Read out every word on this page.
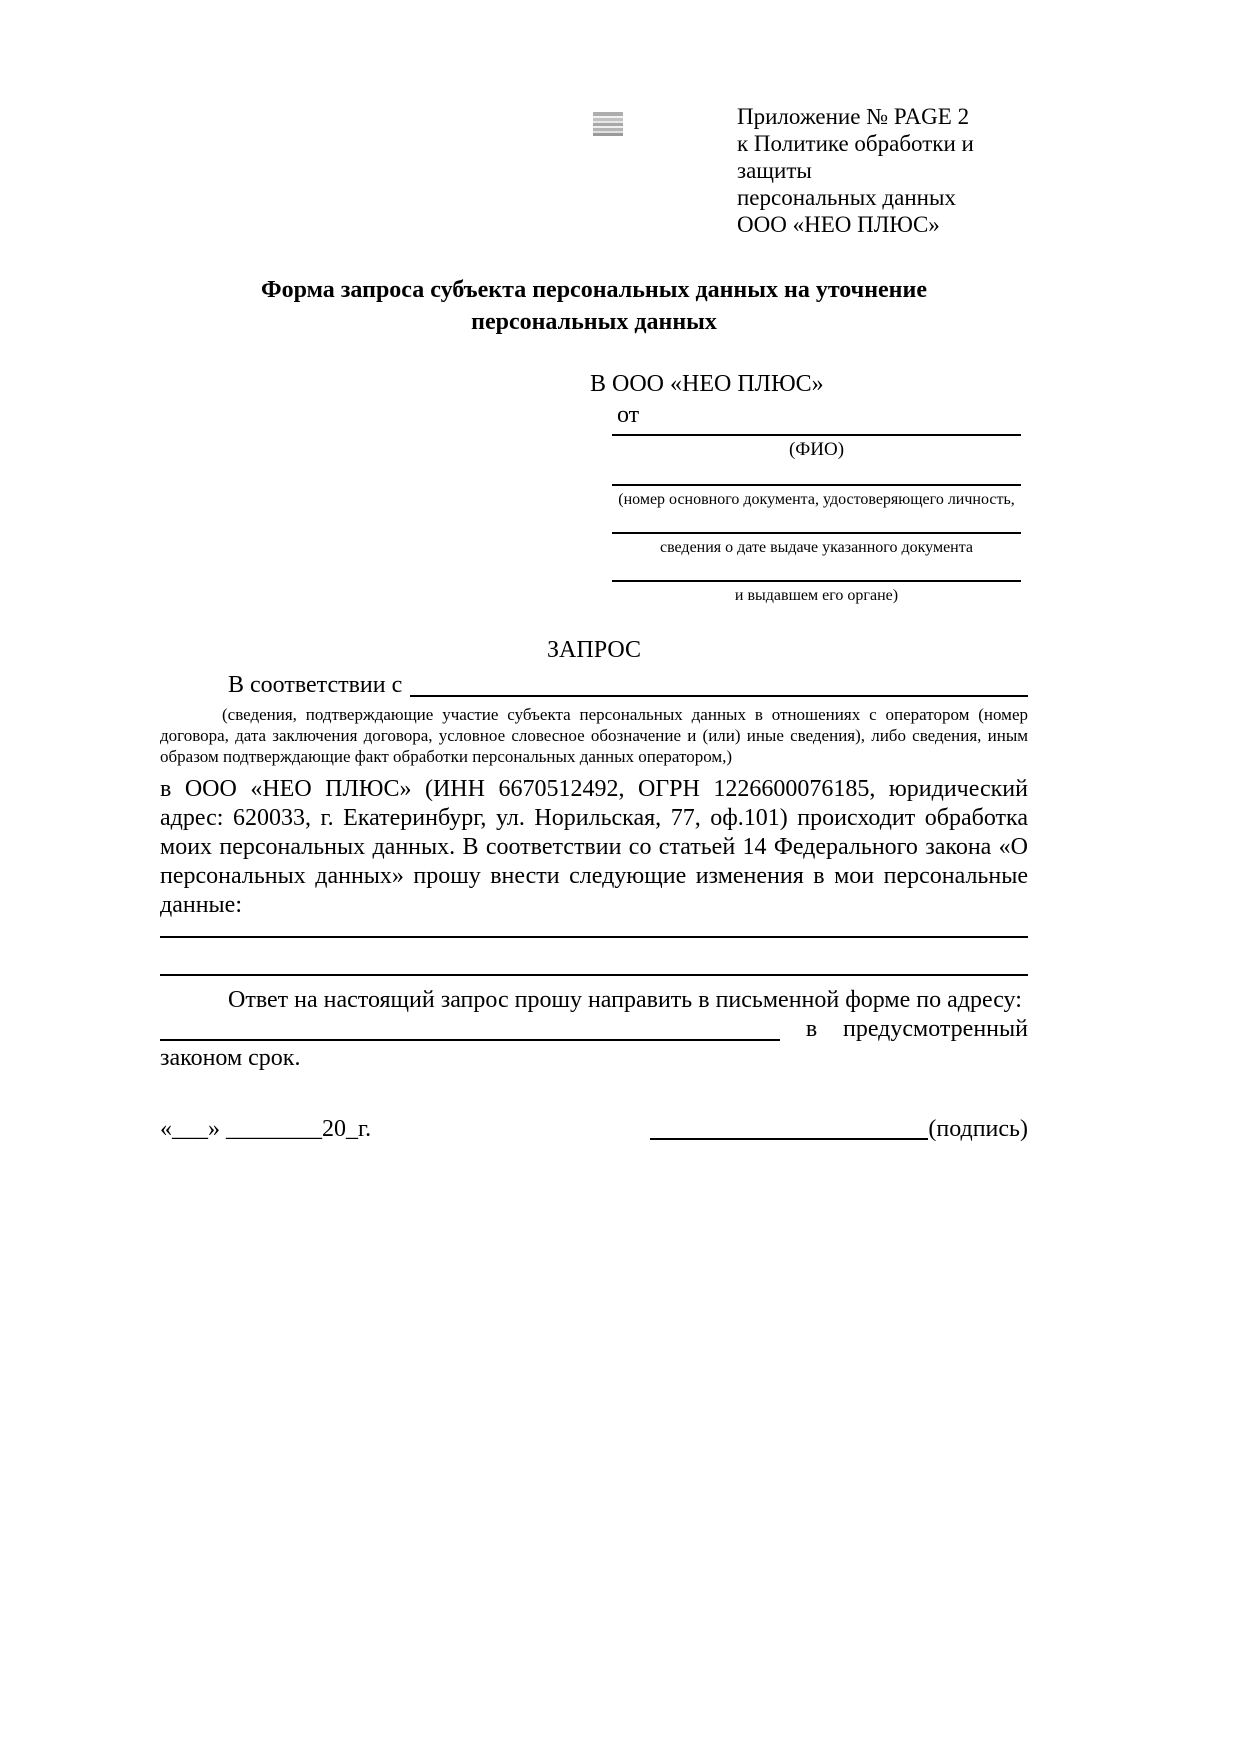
Приложение № PAGE 2
к Политике обработки и защиты
персональных данных
ООО «НЕО ПЛЮС»
Форма запроса субъекта персональных данных на уточнение персональных данных
В ООО «НЕО ПЛЮС»
от
(ФИО)
(номер основного документа, удостоверяющего личность,
сведения о дате выдаче указанного документа
и выдавшем его органе)
ЗАПРОС
В соответствии с
(сведения, подтверждающие участие субъекта персональных данных в отношениях с оператором (номер договора, дата заключения договора, условное словесное обозначение и (или) иные сведения), либо сведения, иным образом подтверждающие факт обработки персональных данных оператором,)
в ООО «НЕО ПЛЮС» (ИНН 6670512492, ОГРН 1226600076185, юридический адрес: 620033, г. Екатеринбург, ул. Норильская, 77, оф.101) происходит обработка моих персональных данных. В соответствии со статьей 14 Федерального закона «О персональных данных» прошу внести следующие изменения в мои персональные данные:
Ответ на настоящий запрос прошу направить в письменной форме по адресу:
в предусмотренный
законом срок.
«___» ________20_г.	(подпись)
